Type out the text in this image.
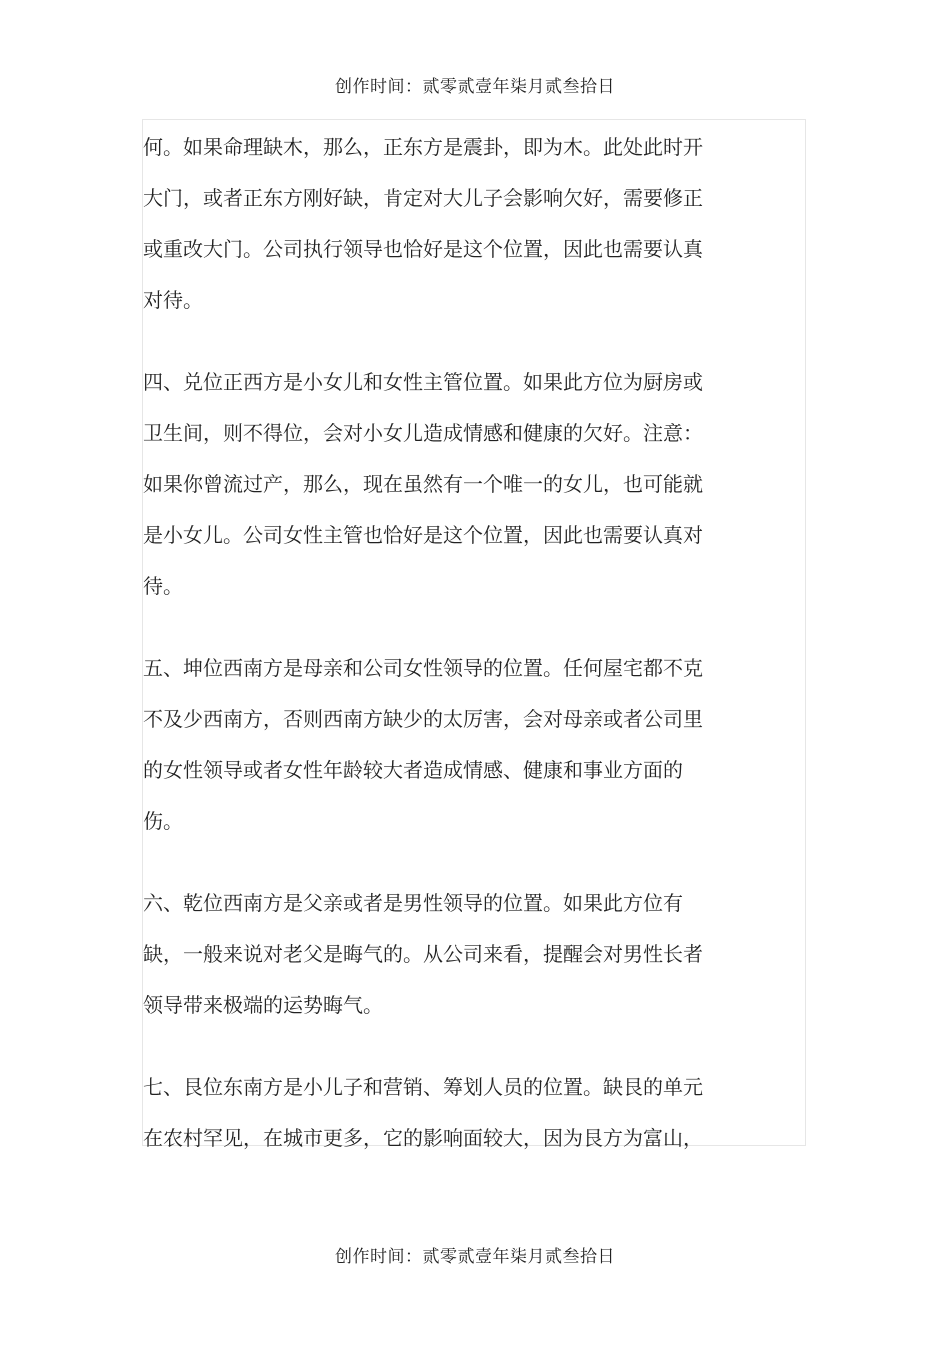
创作时间：贰零贰壹年柒月贰叁拾日
何。如果命理缺木，那么，正东方是震卦，即为木。此处此时开
大门，或者正东方刚好缺，肯定对大儿子会影响欠好，需要修正
或重改大门。公司执行领导也恰好是这个位置，因此也需要认真
对待。
四、兑位正西方是小女儿和女性主管位置。如果此方位为厨房或
卫生间，则不得位，会对小女儿造成情感和健康的欠好。注意：
如果你曾流过产，那么，现在虽然有一个唯一的女儿，也可能就
是小女儿。公司女性主管也恰好是这个位置，因此也需要认真对
待。
五、坤位西南方是母亲和公司女性领导的位置。任何屋宅都不克
不及少西南方，否则西南方缺少的太厉害，会对母亲或者公司里
的女性领导或者女性年龄较大者造成情感、健康和事业方面的
伤。
六、乾位西南方是父亲或者是男性领导的位置。如果此方位有
缺，一般来说对老父是晦气的。从公司来看，提醒会对男性长者
领导带来极端的运势晦气。
七、艮位东南方是小儿子和营销、筹划人员的位置。缺艮的单元
在农村罕见，在城市更多，它的影响面较大，因为艮方为富山，
创作时间：贰零贰壹年柒月贰叁拾日
